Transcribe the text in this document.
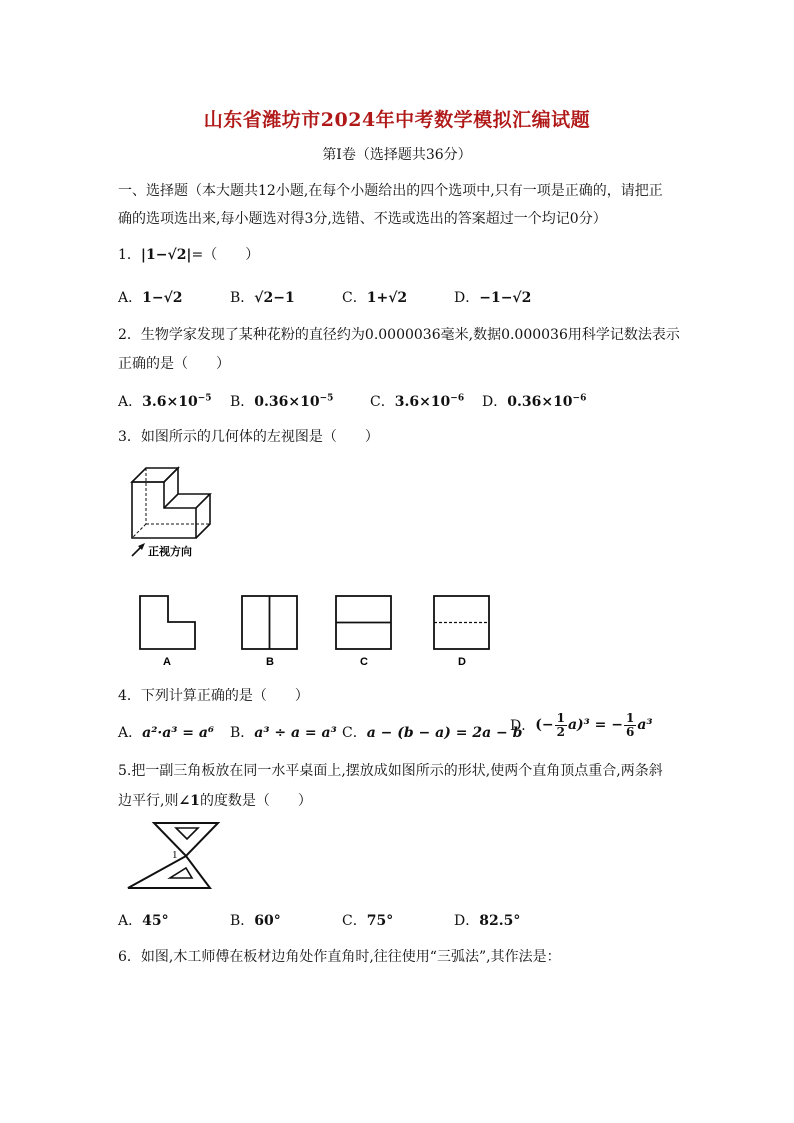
山东省潍坊市2024年中考数学模拟汇编试题
第Ⅰ卷（选择题共36分）
一、选择题（本大题共12小题,在每个小题给出的四个选项中,只有一项是正确的，请把正
确的选项选出来,每小题选对得3分,选错、不选或选出的答案超过一个均记0分）
1．|1−√2|=（　　）
A．1−√2	B．√2−1	C．1+√2	D．−1−√2
2．生物学家发现了某种花粉的直径约为0.0000036毫米,数据0.000036用科学记数法表示
正确的是（　　）
A．$3.6\times 10^{-5}$ B．$0.36\times 10^{-5}$	C．$3.6\times 10^{-6}$ D．$0.36\times 10^{-6}$
3．如图所示的几何体的左视图是（　　）
正视方向
A	B	C	D
4．下列计算正确的是（　　）
A．a²·a³ = a⁶ B．a³ ÷ a = a³ C．a − (b − a) = 2a − b
D．(− $\frac{1}{2} a)^3$ = − $\frac{1}{6} a^3$
5.把一副三角板放在同一水平桌面上,摆放成如图所示的形状,使两个直角顶点重合,两条斜
边平行,则∠1的度数是（　　）
1
A．45°	B．60°	C．75°	D．82.5°
6．如图,木工师傅在板材边角处作直角时,往往使用“三弧法”,其作法是：
